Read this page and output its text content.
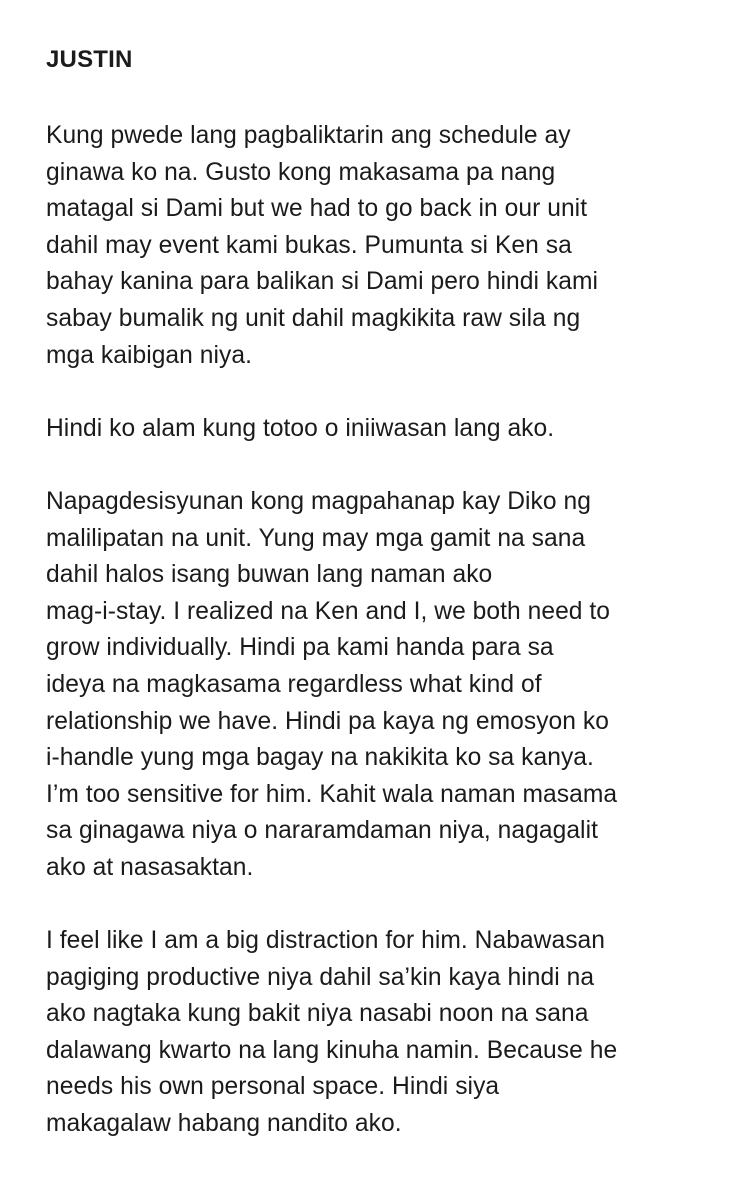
JUSTIN
Kung pwede lang pagbaliktarin ang schedule ay
ginawa ko na. Gusto kong makasama pa nang
matagal si Dami but we had to go back in our unit
dahil may event kami bukas. Pumunta si Ken sa
bahay kanina para balikan si Dami pero hindi kami
sabay bumalik ng unit dahil magkikita raw sila ng
mga kaibigan niya.
Hindi ko alam kung totoo o iniiwasan lang ako.
Napagdesisyunan kong magpahanap kay Diko ng
malilipatan na unit. Yung may mga gamit na sana
dahil halos isang buwan lang naman ako
mag-i-stay. I realized na Ken and I, we both need to
grow individually. Hindi pa kami handa para sa
ideya na magkasama regardless what kind of
relationship we have. Hindi pa kaya ng emosyon ko
i-handle yung mga bagay na nakikita ko sa kanya.
I’m too sensitive for him. Kahit wala naman masama
sa ginagawa niya o nararamdaman niya, nagagalit
ako at nasasaktan.
I feel like I am a big distraction for him. Nabawasan
pagiging productive niya dahil sa’kin kaya hindi na
ako nagtaka kung bakit niya nasabi noon na sana
dalawang kwarto na lang kinuha namin. Because he
needs his own personal space. Hindi siya
makagalaw habang nandito ako.
